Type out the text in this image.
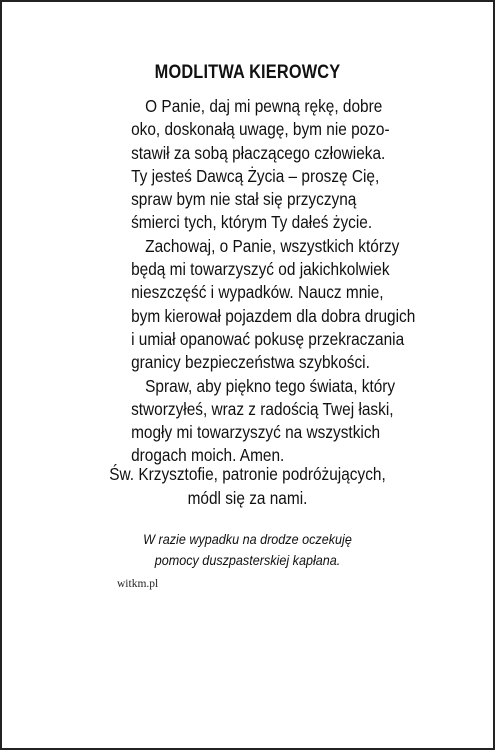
MODLITWA KIEROWCY

O Panie, daj mi pewną rękę, dobre
oko, doskonałą uwagę, bym nie pozo-
stawił za sobą płaczącego człowieka.
Ty jesteś Dawcą Życia – proszę Cię,
spraw bym nie stał się przyczyną
śmierci tych, którym Ty dałeś życie.

Zachowaj, o Panie, wszystkich którzy
będą mi towarzyszyć od jakichkolwiek
nieszczęść i wypadków. Naucz mnie,
bym kierował pojazdem dla dobra drugich
i umiał opanować pokusę przekraczania
granicy bezpieczeństwa szybkości.

Spraw, aby piękno tego świata, który
stworzyłeś, wraz z radością Twej łaski,
mogły mi towarzyszyć na wszystkich
drogach moich. Amen.

Św. Krzysztofie, patronie podróżujących,
módl się za nami.
W razie wypadku na drodze oczekuję
pomocy duszpasterskiej kapłana.
witkm.pl
